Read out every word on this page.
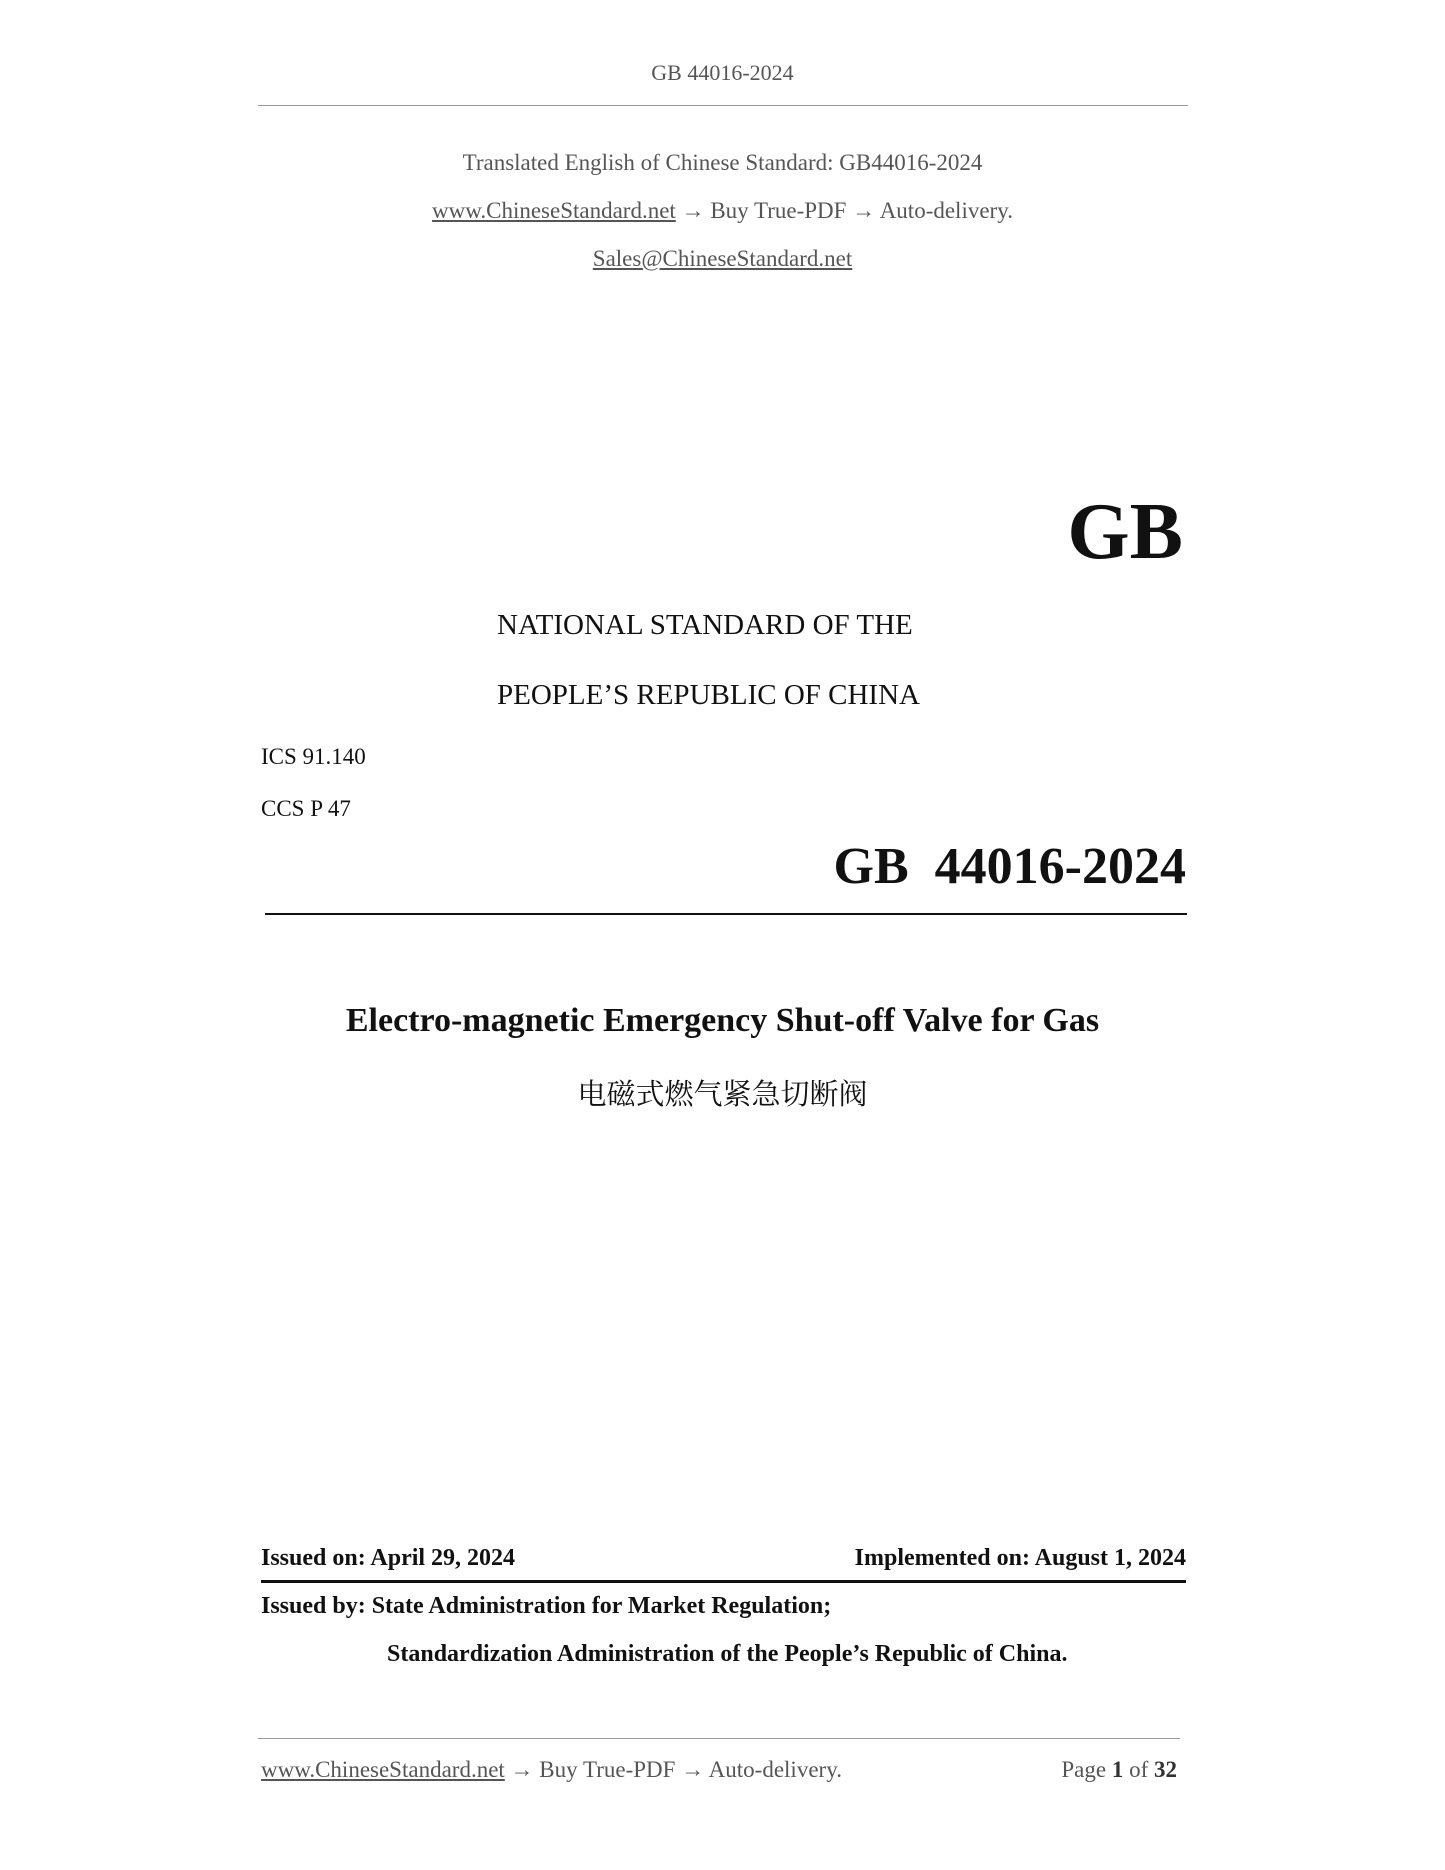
GB 44016-2024
Translated English of Chinese Standard: GB44016-2024
www.ChineseStandard.net → Buy True-PDF → Auto-delivery.
Sales@ChineseStandard.net
GB
NATIONAL STANDARD OF THE
PEOPLE’S REPUBLIC OF CHINA
ICS 91.140
CCS P 47
GB  44016-2024
Electro-magnetic Emergency Shut-off Valve for Gas
电磁式燃气紧急切断阀
Issued on: April 29, 2024	Implemented on: August 1, 2024
Issued by: State Administration for Market Regulation;
Standardization Administration of the People’s Republic of China.
www.ChineseStandard.net → Buy True-PDF → Auto-delivery.	Page 1 of 32
